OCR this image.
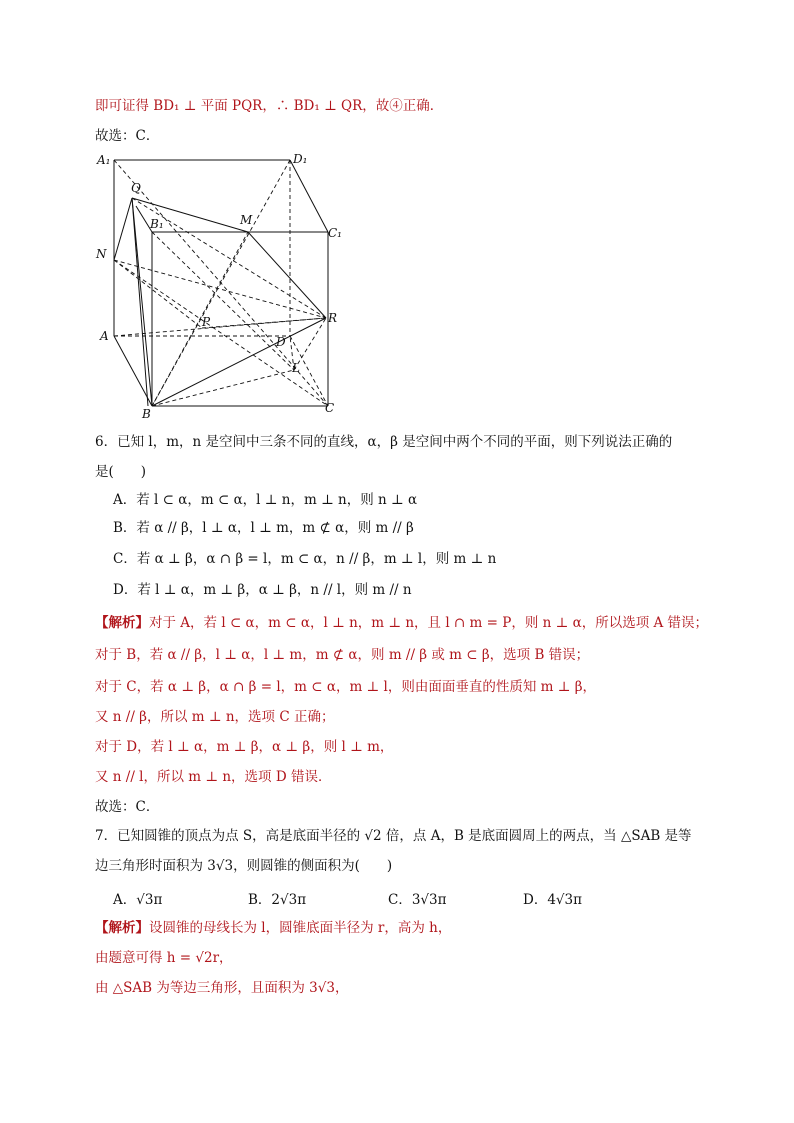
即可证得 BD₁ ⊥ 平面 PQR，∴ BD₁ ⊥ QR，故④正确．

故选：C．

A₁	D₁
Q
M
B₁
C₁
N
P	R
A	D
L
B	C

6．已知 l，m，n 是空间中三条不同的直线，α，β 是空间中两个不同的平面，则下列说法正确的

是(　　)

A．若 l ⊂ α，m ⊂ α，l ⊥ n，m ⊥ n，则 n ⊥ α

B．若 α // β，l ⊥ α，l ⊥ m，m ⊄ α，则 m // β

C．若 α ⊥ β，α ∩ β = l，m ⊂ α，n // β，m ⊥ l，则 m ⊥ n

D．若 l ⊥ α，m ⊥ β，α ⊥ β，n // l，则 m // n

【解析】对于 A，若 l ⊂ α，m ⊂ α，l ⊥ n，m ⊥ n，且 l ∩ m = P，则 n ⊥ α，所以选项 A 错误；

对于 B，若 α // β，l ⊥ α，l ⊥ m，m ⊄ α，则 m // β 或 m ⊂ β，选项 B 错误；

对于 C，若 α ⊥ β，α ∩ β = l，m ⊂ α，m ⊥ l，则由面面垂直的性质知 m ⊥ β，

又 n // β，所以 m ⊥ n，选项 C 正确；

对于 D，若 l ⊥ α，m ⊥ β，α ⊥ β，则 l ⊥ m，

又 n // l，所以 m ⊥ n，选项 D 错误．

故选：C．

7．已知圆锥的顶点为点 S，高是底面半径的 √2 倍，点 A，B 是底面圆周上的两点，当 △SAB 是等

边三角形时面积为 3√3，则圆锥的侧面积为(　　)

A．√3π	B．2√3π	C．3√3π	D．4√3π

【解析】设圆锥的母线长为 l，圆锥底面半径为 r，高为 h，

由题意可得 h = √2r，

由 △SAB 为等边三角形，且面积为 3√3，
